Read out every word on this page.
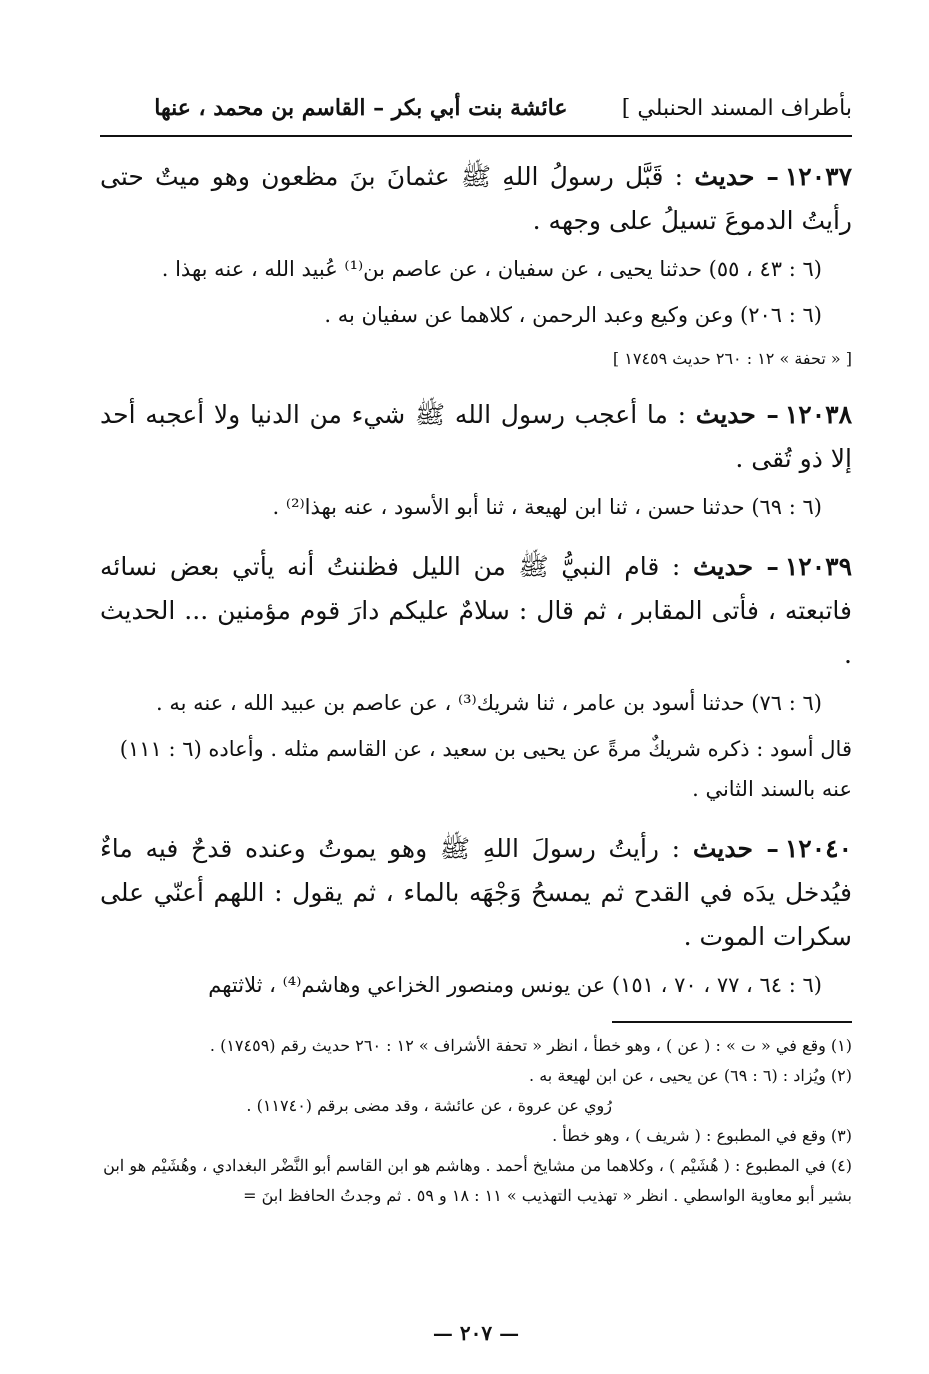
بأطراف المسند الحنبلي ]
عائشة بنت أبي بكر – القاسم بن محمد ، عنها

١٢٠٣٧– حديث : قَبَّل رسولُ اللهِ ﷺ عثمانَ بنَ مظعون وهو ميتٌ حتى رأيتُ الدموعَ تسيلُ على وجهه .

(٦ : ٤٣ ، ٥٥) حدثنا يحيى ، عن سفيان ، عن عاصم بن⁽¹⁾ عُبيد الله ، عنه بهذا .

(٦ : ٢٠٦) وعن وكيع وعبد الرحمن ، كلاهما عن سفيان به .

[ « تحفة » ١٢ : ٢٦٠ حديث ١٧٤٥٩ ]

١٢٠٣٨– حديث : ما أعجب رسول الله ﷺ شيء من الدنيا ولا أعجبه أحد إلا ذو تُقى .

(٦ : ٦٩) حدثنا حسن ، ثنا ابن لهيعة ، ثنا أبو الأسود ، عنه بهذا⁽²⁾ .

١٢٠٣٩– حديث : قام النبيُّ ﷺ من الليل فظننتُ أنه يأتي بعض نسائه فاتبعته ، فأتى المقابر ، ثم قال : سلامٌ عليكم دارَ قوم مؤمنين ... الحديث .

(٦ : ٧٦) حدثنا أسود بن عامر ، ثنا شريك⁽³⁾ ، عن عاصم بن عبيد الله ، عنه به .

قال أسود : ذكره شريكٌ مرةً عن يحيى بن سعيد ، عن القاسم مثله . وأعاده (٦ : ١١١) عنه بالسند الثاني .

١٢٠٤٠– حديث : رأيتُ رسولَ اللهِ ﷺ وهو يموتُ وعنده قدحٌ فيه ماءٌ فيُدخل يدَه في القدح ثم يمسحُ وَجْهَه بالماء ، ثم يقول : اللهم أعنّي على سكرات الموت .

(٦ : ٦٤ ، ٧٧ ، ٧٠ ، ١٥١) عن يونس ومنصور الخزاعي وهاشم⁽⁴⁾ ، ثلاثتهم

(١) وقع في « ت » : ( عن ) ، وهو خطأ ، انظر « تحفة الأشراف » ١٢ : ٢٦٠ حديث رقم (١٧٤٥٩) .

(٢) ويُزاد : (٦ : ٦٩) عن يحيى ، عن ابن لهيعة به .

رُوي عن عروة ، عن عائشة ، وقد مضى برقم (١١٧٤٠) .

(٣) وقع في المطبوع : ( شريف ) ، وهو خطأ .

(٤) في المطبوع : ( هُشَيْم ) ، وكلاهما من مشايخ أحمد . وهاشم هو ابن القاسم أبو النَّضْر البغدادي ، وهُشَيْم هو ابن بشير أبو معاوية الواسطي . انظر « تهذيب التهذيب » ١١ : ١٨ و ٥٩ . ثم وجدتُ الحافظ ابنَ =

— ٢٠٧ —
